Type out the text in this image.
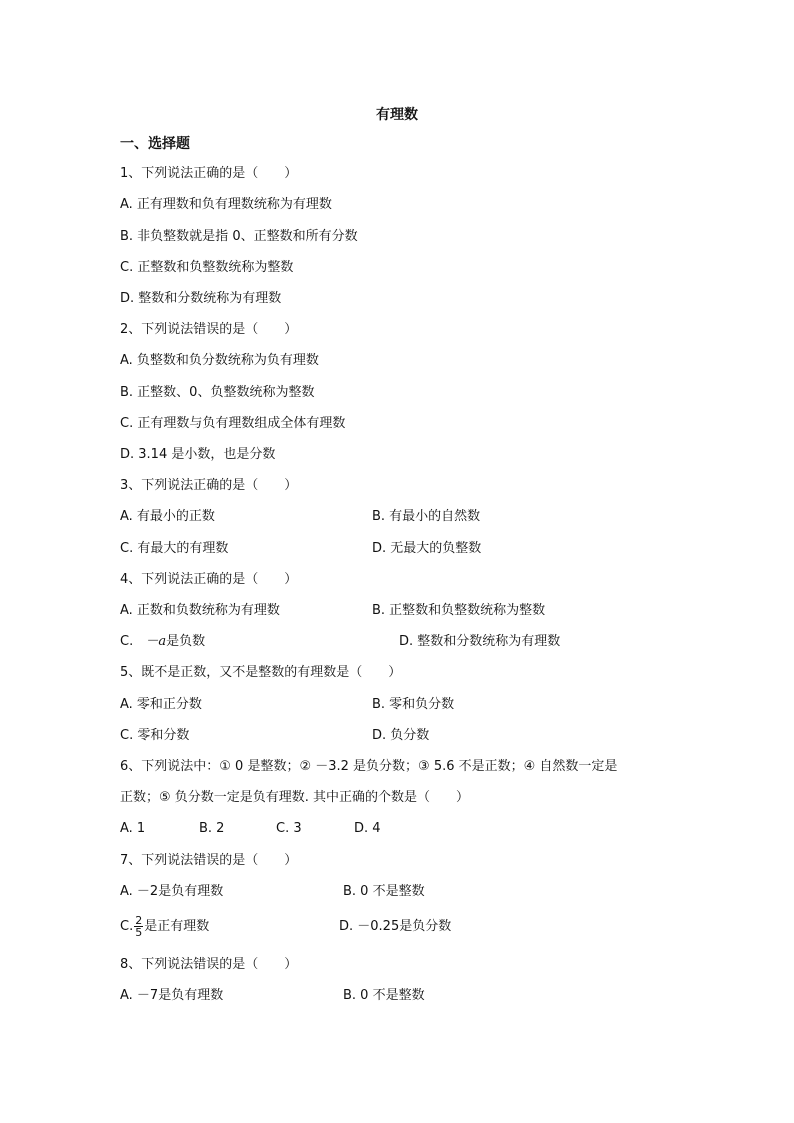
有理数
一、选择题
1、下列说法正确的是（　　）
A. 正有理数和负有理数统称为有理数
B. 非负整数就是指 0、正整数和所有分数
C. 正整数和负整数统称为整数
D. 整数和分数统称为有理数
2、下列说法错误的是（　　）
A. 负整数和负分数统称为负有理数
B. 正整数、0、负整数统称为整数
C. 正有理数与负有理数组成全体有理数
D. 3.14 是小数，也是分数
3、下列说法正确的是（　　）
A. 有最小的正数	B. 有最小的自然数
C. 有最大的有理数	D. 无最大的负整数
4、下列说法正确的是（　　）
A. 正数和负数统称为有理数	B. 正整数和负整数统称为整数
C. －a是负数	D. 整数和分数统称为有理数
5、既不是正数，又不是整数的有理数是（　　）
A. 零和正分数	B. 零和负分数
C. 零和分数	D. 负分数
6、下列说法中：① 0 是整数；② －3.2 是负分数；③ 5.6 不是正数；④ 自然数一定是
正数；⑤ 负分数一定是负有理数. 其中正确的个数是（　　）
A. 1	B. 2	C. 3	D. 4
7、下列说法错误的是（　　）
A. －2是负有理数	B. 0 不是整数
C. $\frac{2}{5}$ 是正有理数	D. －0.25是负分数
8、下列说法错误的是（　　）
A. －7是负有理数	B. 0 不是整数
